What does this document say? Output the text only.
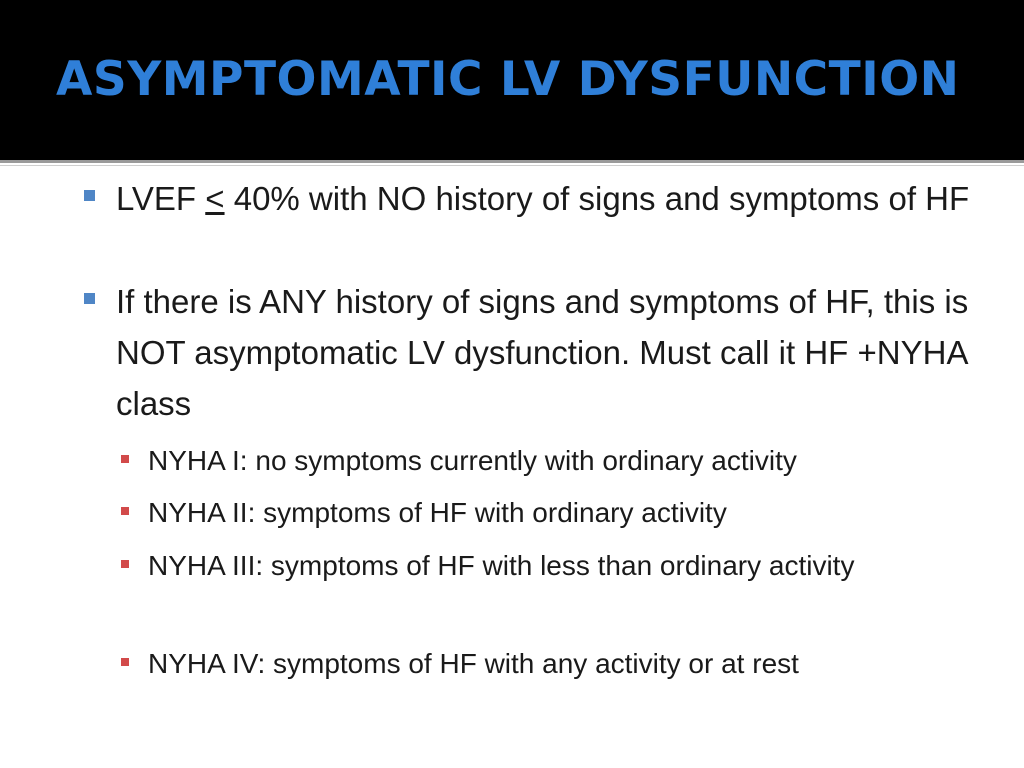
ASYMPTOMATIC LV DYSFUNCTION
LVEF ≤ 40% with NO history of signs and symptoms of HF
If there is ANY history of signs and symptoms of HF, this is NOT asymptomatic LV dysfunction. Must call it HF +NYHA class
NYHA I: no symptoms currently with ordinary activity
NYHA II: symptoms of HF with ordinary activity
NYHA III: symptoms of HF with less than ordinary activity
NYHA IV: symptoms of HF with any activity or at rest
